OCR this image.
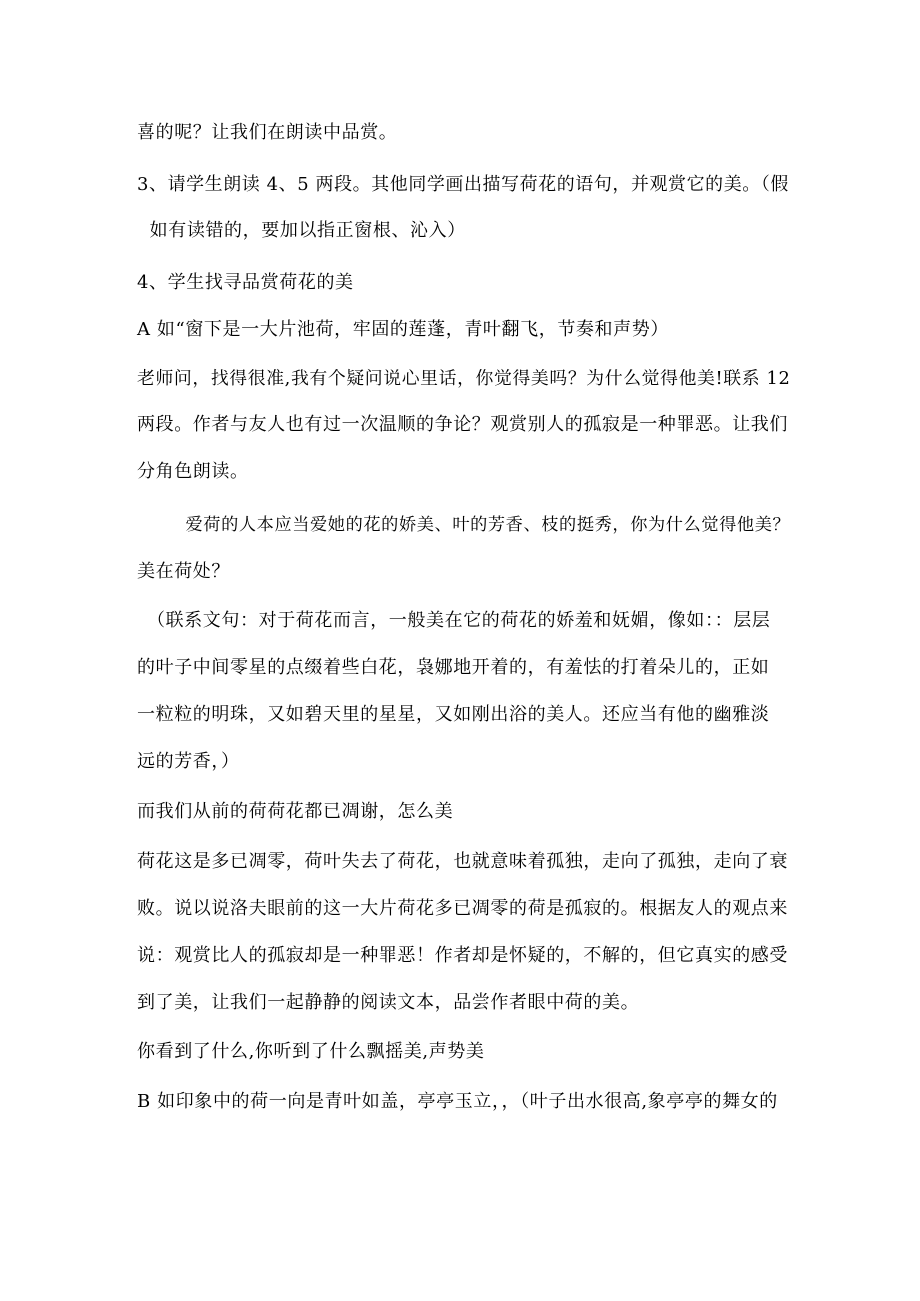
喜的呢？让我们在朗读中品赏。
3、请学生朗读 4、5 两段。其他同学画出描写荷花的语句，并观赏它的美。（假
如有读错的，要加以指正窗根、沁入）
4、学生找寻品赏荷花的美
A 如“窗下是一大片池荷，牢固的莲蓬，青叶翻飞，节奏和声势）
老师问，找得很准,我有个疑问说心里话，你觉得美吗？为什么觉得他美!联系 12
两段。作者与友人也有过一次温顺的争论？观赏别人的孤寂是一种罪恶。让我们
分角色朗读。
爱荷的人本应当爱她的花的娇美、叶的芳香、枝的挺秀，你为什么觉得他美？
美在荷处？
（联系文句：对于荷花而言，一般美在它的荷花的娇羞和妩媚，像如：：层层
的叶子中间零星的点缀着些白花，袅娜地开着的，有羞怯的打着朵儿的，正如
一粒粒的明珠，又如碧天里的星星，又如刚出浴的美人。还应当有他的幽雅淡
远的芳香，）
而我们从前的荷荷花都已凋谢，怎么美
荷花这是多已凋零，荷叶失去了荷花，也就意味着孤独，走向了孤独，走向了衰
败。说以说洛夫眼前的这一大片荷花多已凋零的荷是孤寂的。根据友人的观点来
说：观赏比人的孤寂却是一种罪恶！作者却是怀疑的，不解的，但它真实的感受
到了美，让我们一起静静的阅读文本，品尝作者眼中荷的美。
你看到了什么,你听到了什么飘摇美,声势美
B 如印象中的荷一向是青叶如盖，亭亭玉立，，（叶子出水很高,象亭亭的舞女的
